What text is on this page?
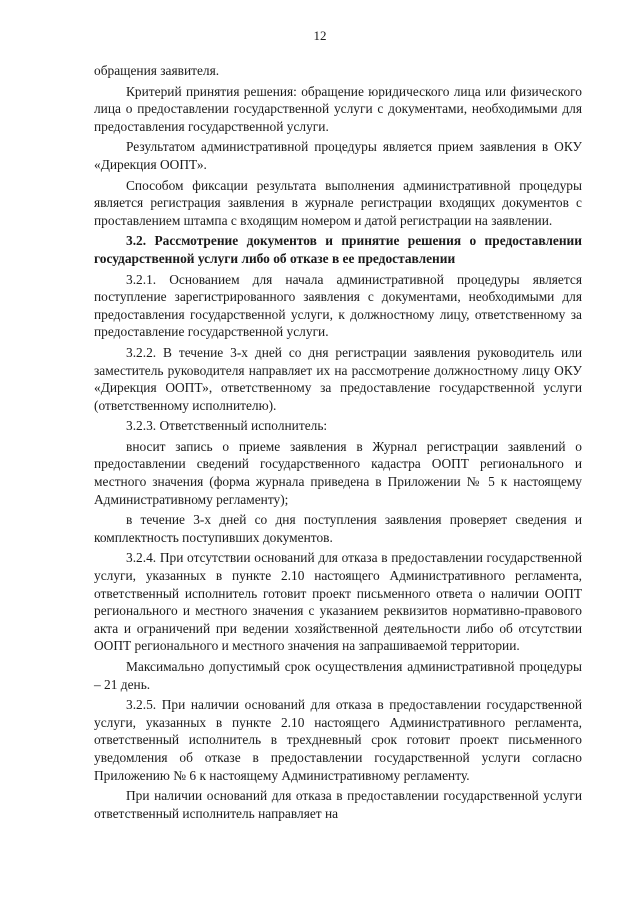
12

обращения заявителя.

Критерий принятия решения: обращение юридического лица или физического лица о предоставлении государственной услуги с документами, необходимыми для предоставления государственной услуги.

Результатом административной процедуры является прием заявления в ОКУ «Дирекция ООПТ».

Способом фиксации результата выполнения административной процедуры является регистрация заявления в журнале регистрации входящих документов с проставлением штампа с входящим номером и датой регистрации на заявлении.

3.2. Рассмотрение документов и принятие решения о предоставлении государственной услуги либо об отказе в ее предоставлении

3.2.1. Основанием для начала административной процедуры является поступление зарегистрированного заявления с документами, необходимыми для предоставления государственной услуги, к должностному лицу, ответственному за предоставление государственной услуги.

3.2.2. В течение 3-х дней со дня регистрации заявления руководитель или заместитель руководителя направляет их на рассмотрение должностному лицу ОКУ «Дирекция ООПТ», ответственному за предоставление государственной услуги (ответственному исполнителю).

3.2.3. Ответственный исполнитель:

вносит запись о приеме заявления в Журнал регистрации заявлений о предоставлении сведений государственного кадастра ООПТ регионального и местного значения (форма журнала приведена в Приложении № 5 к настоящему Административному регламенту);

в течение 3-х дней со дня поступления заявления проверяет сведения и комплектность поступивших документов.

3.2.4. При отсутствии оснований для отказа в предоставлении государственной услуги, указанных в пункте 2.10 настоящего Административного регламента, ответственный исполнитель готовит проект письменного ответа о наличии ООПТ регионального и местного значения с указанием реквизитов нормативно-правового акта и ограничений при ведении хозяйственной деятельности либо об отсутствии ООПТ регионального и местного значения на запрашиваемой территории.

Максимально допустимый срок осуществления административной процедуры – 21 день.

3.2.5. При наличии оснований для отказа в предоставлении государственной услуги, указанных в пункте 2.10 настоящего Административного регламента, ответственный исполнитель в трехдневный срок готовит проект письменного уведомления об отказе в предоставлении государственной услуги согласно Приложению № 6 к настоящему Административному регламенту.

При наличии оснований для отказа в предоставлении государственной услуги ответственный исполнитель направляет на
